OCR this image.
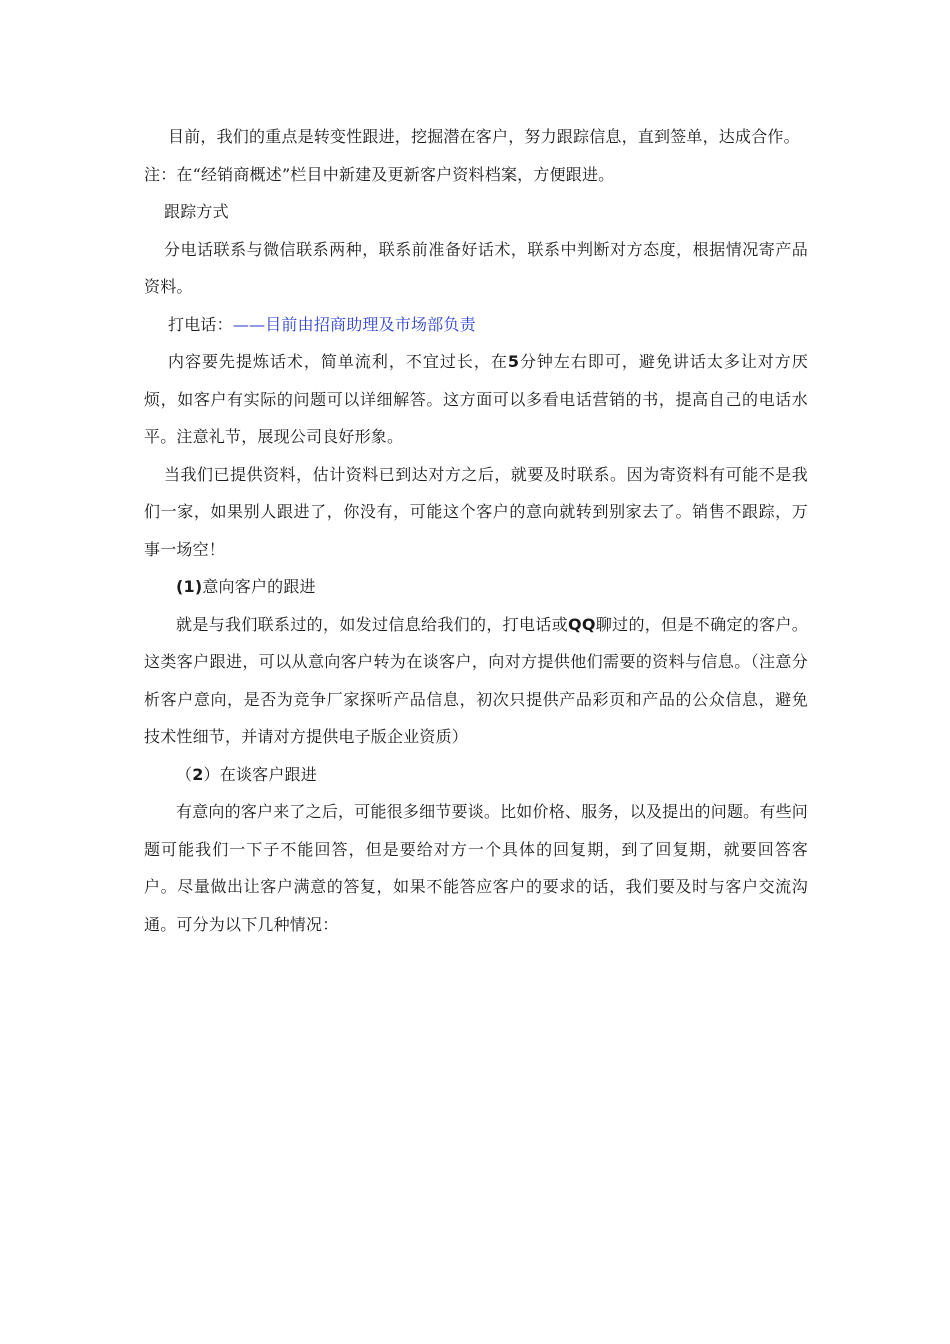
目前，我们的重点是转变性跟进，挖掘潜在客户，努力跟踪信息，直到签单，达成合作。

注：在“经销商概述”栏目中新建及更新客户资料档案，方便跟进。

跟踪方式

分电话联系与微信联系两种，联系前准备好话术，联系中判断对方态度，根据情况寄产品资料。

打电话：——目前由招商助理及市场部负责

内容要先提炼话术，简单流利，不宜过长，在5分钟左右即可，避免讲话太多让对方厌烦，如客户有实际的问题可以详细解答。这方面可以多看电话营销的书，提高自己的电话水平。注意礼节，展现公司良好形象。

当我们已提供资料，估计资料已到达对方之后，就要及时联系。因为寄资料有可能不是我们一家，如果别人跟进了，你没有，可能这个客户的意向就转到别家去了。销售不跟踪，万事一场空！

(1)意向客户的跟进

就是与我们联系过的，如发过信息给我们的，打电话或QQ聊过的，但是不确定的客户。这类客户跟进，可以从意向客户转为在谈客户，向对方提供他们需要的资料与信息。（注意分析客户意向，是否为竞争厂家探听产品信息，初次只提供产品彩页和产品的公众信息，避免技术性细节，并请对方提供电子版企业资质）

（2）在谈客户跟进

有意向的客户来了之后，可能很多细节要谈。比如价格、服务，以及提出的问题。有些问题可能我们一下子不能回答，但是要给对方一个具体的回复期，到了回复期，就要回答客户。尽量做出让客户满意的答复，如果不能答应客户的要求的话，我们要及时与客户交流沟通。可分为以下几种情况：
